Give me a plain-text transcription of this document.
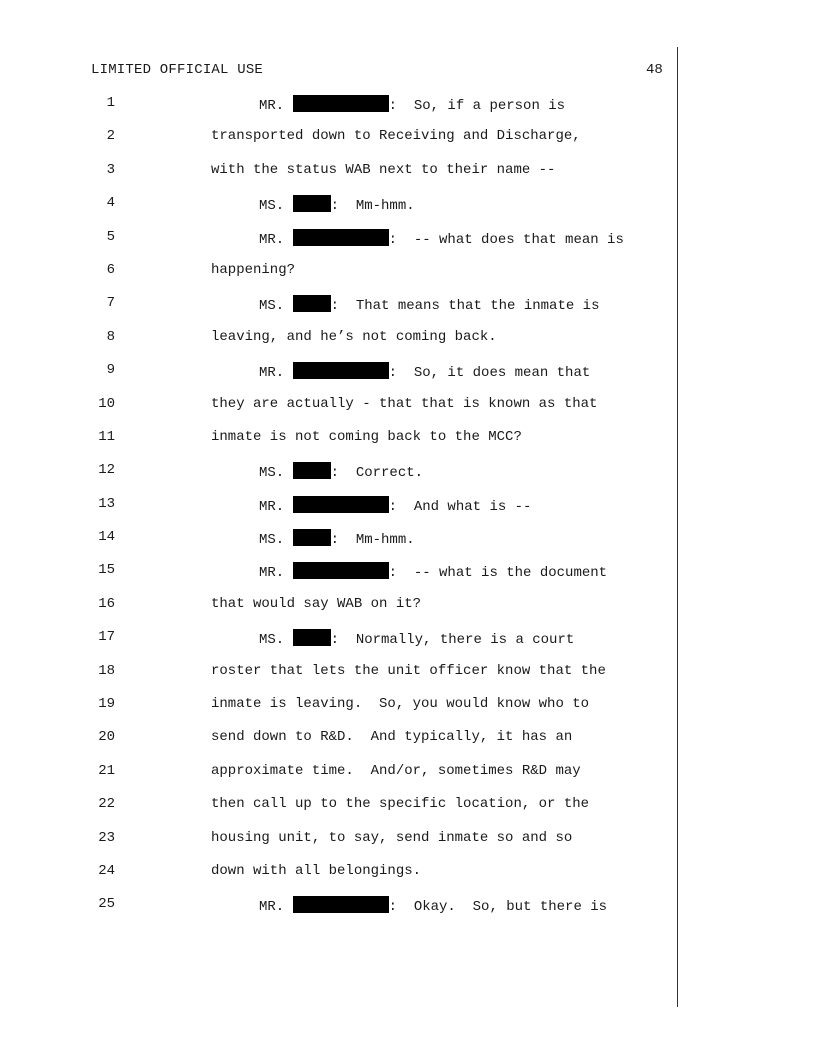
LIMITED OFFICIAL USE	48
1	MR.	:  So, if a person is
2	transported down to Receiving and Discharge,
3	with the status WAB next to their name --
4	MS.	:  Mm-hmm.
5	MR.	:  -- what does that mean is
6	happening?
7	MS.	:  That means that the inmate is
8	leaving, and he’s not coming back.
9	MR.	:  So, it does mean that
10	they are actually - that that is known as that
11	inmate is not coming back to the MCC?
12	MS.	:  Correct.
13	MR.	:  And what is --
14	MS.	:  Mm-hmm.
15	MR.	:  -- what is the document
16	that would say WAB on it?
17	MS.	:  Normally, there is a court
18	roster that lets the unit officer know that the
19	inmate is leaving.  So, you would know who to
20	send down to R&D.  And typically, it has an
21	approximate time.  And/or, sometimes R&D may
22	then call up to the specific location, or the
23	housing unit, to say, send inmate so and so
24	down with all belongings.
25	MR.	:  Okay.  So, but there is
